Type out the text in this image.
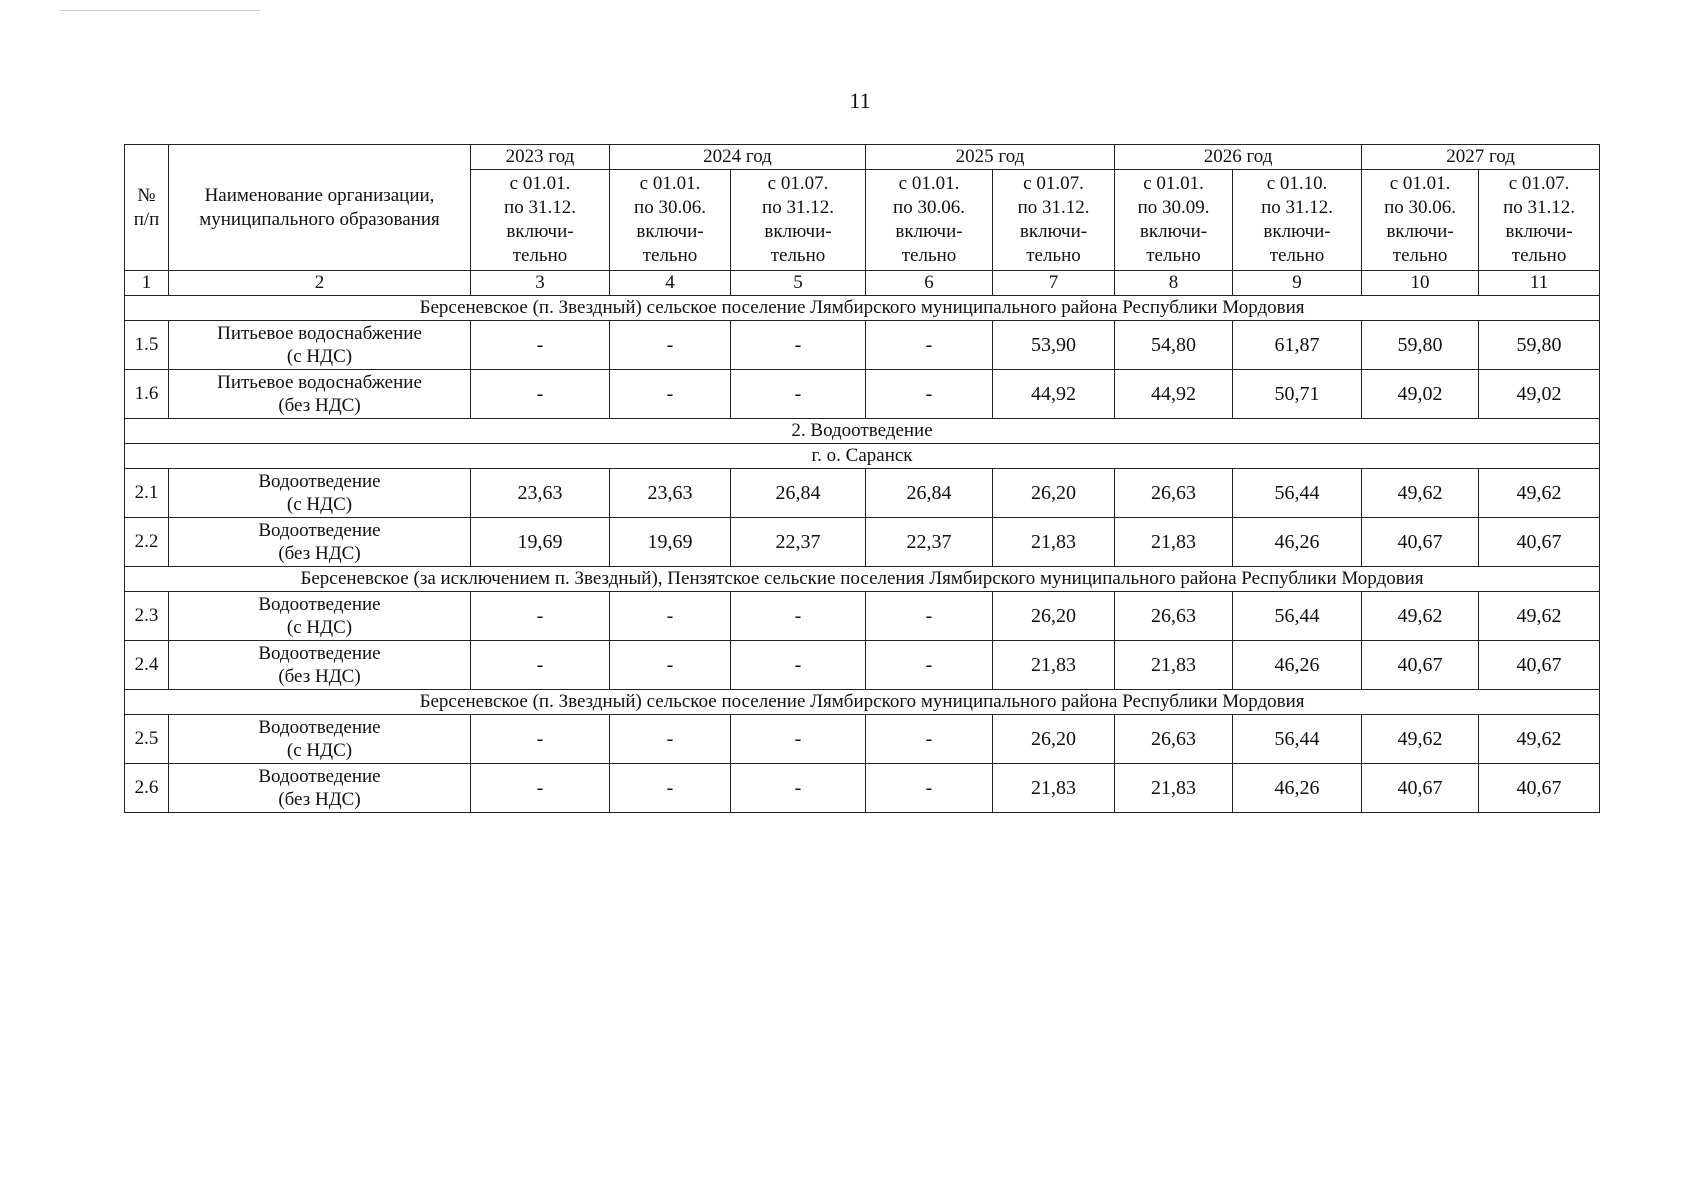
11
№ п/п	Наименование организации, муниципального образования	2023 год	2024 год		2025 год		2026 год		2027 год	

		с 01.01.
по 31.12.
включи-
тельно	с 01.01.
по 30.06.
включи-
тельно	с 01.07.
по 31.12.
включи-
тельно	с 01.01.
по 30.06.
включи-
тельно	с 01.07.
по 31.12.
включи-
тельно	с 01.01.
по 30.09.
включи-
тельно	с 01.10.
по 31.12.
включи-
тельно	с 01.01.
по 30.06.
включи-
тельно	с 01.07.
по 31.12.
включи-
тельно

1	2	3	4	5	6	7	8	9	10	11
Берсеневское (п. Звездный) сельское поселение Лямбирского муниципального района Республики Мордовия										
1.5	Питьевое водоснабжение
(с НДС)	-	-	-	-	53,90	54,80	61,87	59,80	59,80
1.6	Питьевое водоснабжение
(без НДС)	-	-	-	-	44,92	44,92	50,71	49,02	49,02
2. Водоотведение										
г. о. Саранск										
2.1	Водоотведение
(с НДС)	23,63	23,63	26,84	26,84	26,20	26,63	56,44	49,62	49,62
2.2	Водоотведение
(без НДС)	19,69	19,69	22,37	22,37	21,83	21,83	46,26	40,67	40,67
Берсеневское (за исключением п. Звездный), Пензятское сельские поселения Лямбирского муниципального района Республики Мордовия										
2.3	Водоотведение
(с НДС)	-	-	-	-	26,20	26,63	56,44	49,62	49,62
2.4	Водоотведение
(без НДС)	-	-	-	-	21,83	21,83	46,26	40,67	40,67
Берсеневское (п. Звездный) сельское поселение Лямбирского муниципального района Республики Мордовия										
2.5	Водоотведение
(с НДС)	-	-	-	-	26,20	26,63	56,44	49,62	49,62
2.6	Водоотведение
(без НДС)	-	-	-	-	21,83	21,83	46,26	40,67	40,67
